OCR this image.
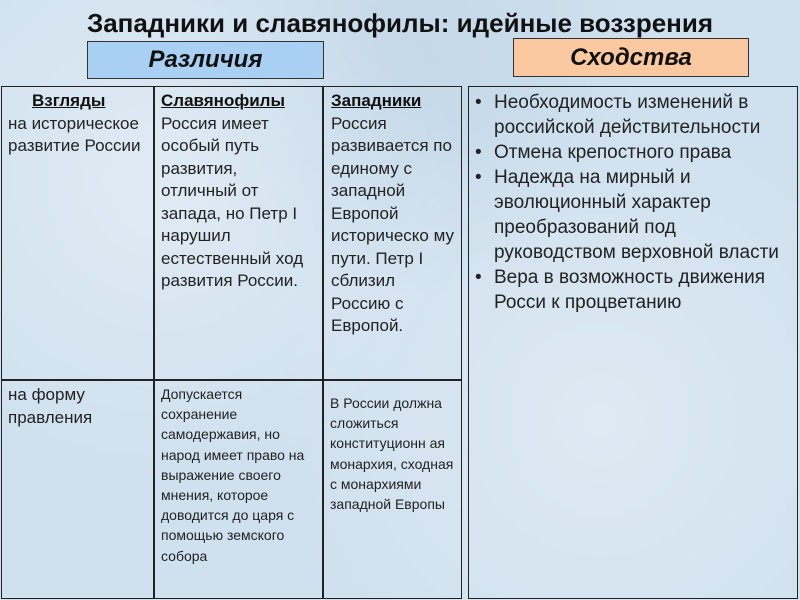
Западники и славянофилы: идейные воззрения
Различия	Сходства
Взгляды
на историческое развитие России
Славянофилы
Россия имеет особый путь развития, отличный от запада, но Петр I нарушил естественный ход развития России.
Западники
Россия развивается по единому с западной Европой историческо му пути. Петр I сблизил Россию с Европой.
на форму правления
Допускается сохранение самодержавия, но народ имеет право на выражение своего мнения, которое доводится до царя с помощью земского собора
В России должна сложиться конституционн ая монархия, сходная с монархиями западной Европы
• Необходимость изменений в российской действительности
• Отмена крепостного права
• Надежда на мирный и эволюционный характер преобразований под руководством верховной власти
• Вера в возможность движения Росси к процветанию
